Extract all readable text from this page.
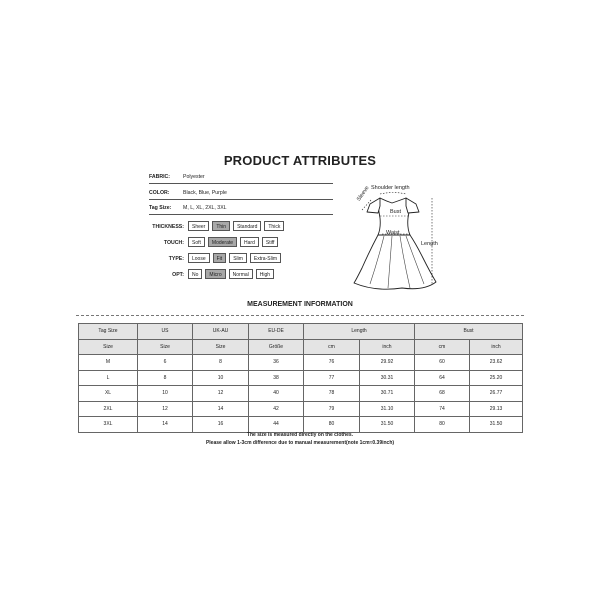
PRODUCT ATTRIBUTES
FABRIC: Polyester
COLOR:	Black, Blue, Purple
Tag Size: M, L, XL, 2XL, 3XL
THICKNESS:	Sheer	Thin	Standard	Thick
TOUCH:	Soft	Moderate	Hard	Stiff
TYPE:	Loose	Fit	Slim	Extra-Slim
OPT:	No	Micro	Normal	High
Shoulder length
Sleeve
Bust
Waist
Length
MEASUREMENT INFORMATION
Tag Size	US	UK-AU	EU-DE	Length		Bust	
Size	Size	Size	Größe	cm	inch	cm	inch
M	6	8	36	76	29.92	60	23.62
L	8	10	38	77	30.31	64	25.20
XL	10	12	40	78	30.71	68	26.77
2XL	12	14	42	79	31.10	74	29.13
3XL	14	16	44	80	31.50	80	31.50
The size is measured directly on the clothes.
Please allow 1-3cm difference due to manual measurement(note 1cm≈0.39inch)
